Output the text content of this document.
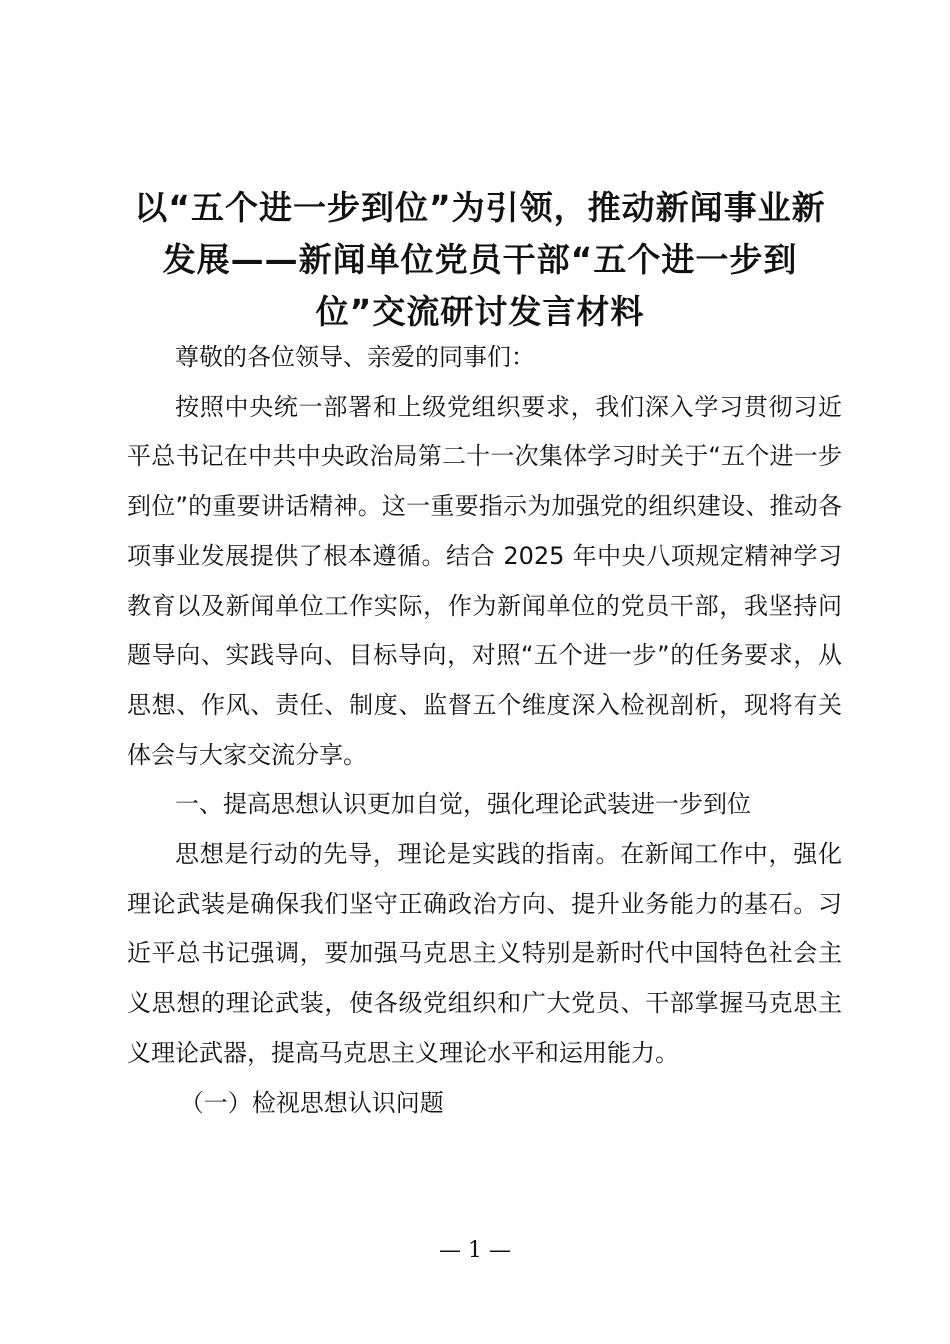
以“五个进一步到位”为引领，推动新闻事业新发展——新闻单位党员干部“五个进一步到位”交流研讨发言材料

尊敬的各位领导、亲爱的同事们：

按照中央统一部署和上级党组织要求，我们深入学习贯彻习近平总书记在中共中央政治局第二十一次集体学习时关于“五个进一步到位”的重要讲话精神。这一重要指示为加强党的组织建设、推动各项事业发展提供了根本遵循。结合 2025 年中央八项规定精神学习教育以及新闻单位工作实际，作为新闻单位的党员干部，我坚持问题导向、实践导向、目标导向，对照“五个进一步”的任务要求，从思想、作风、责任、制度、监督五个维度深入检视剖析，现将有关体会与大家交流分享。

一、提高思想认识更加自觉，强化理论武装进一步到位

思想是行动的先导，理论是实践的指南。在新闻工作中，强化理论武装是确保我们坚守正确政治方向、提升业务能力的基石。习近平总书记强调，要加强马克思主义特别是新时代中国特色社会主义思想的理论武装，使各级党组织和广大党员、干部掌握马克思主义理论武器，提高马克思主义理论水平和运用能力。

（一）检视思想认识问题

— 1 —
